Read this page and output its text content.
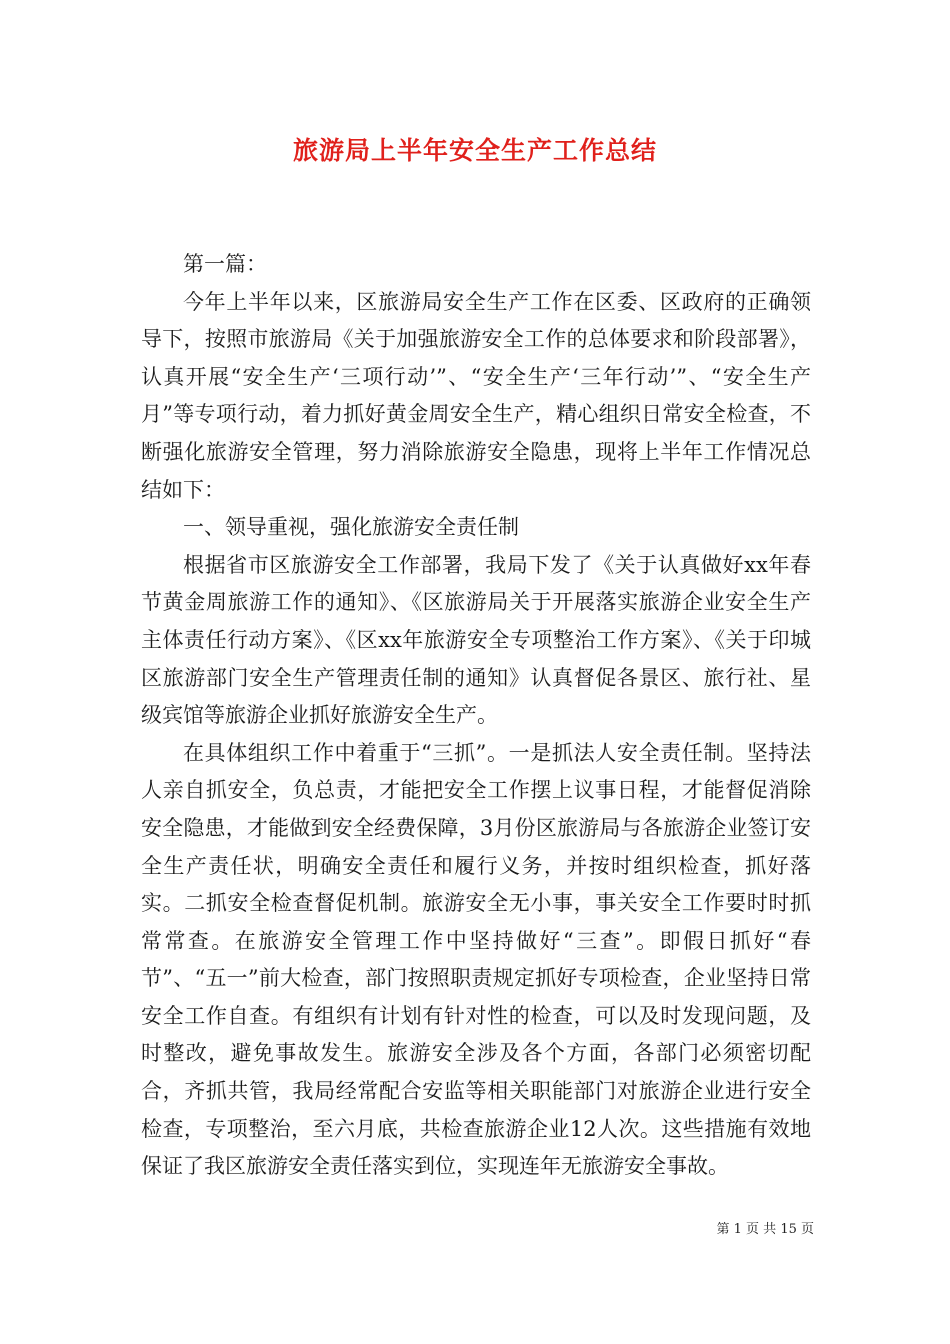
旅游局上半年安全生产工作总结

第一篇：

今年上半年以来，区旅游局安全生产工作在区委、区政府的正确领导下，按照市旅游局《关于加强旅游安全工作的总体要求和阶段部署》，认真开展“安全生产‘三项行动’”、“安全生产‘三年行动’”、“安全生产月”等专项行动，着力抓好黄金周安全生产，精心组织日常安全检查，不断强化旅游安全管理，努力消除旅游安全隐患，现将上半年工作情况总结如下：

一、领导重视，强化旅游安全责任制

根据省市区旅游安全工作部署，我局下发了《关于认真做好xx年春节黄金周旅游工作的通知》、《区旅游局关于开展落实旅游企业安全生产主体责任行动方案》、《区xx年旅游安全专项整治工作方案》、《关于印城区旅游部门安全生产管理责任制的通知》认真督促各景区、旅行社、星级宾馆等旅游企业抓好旅游安全生产。

在具体组织工作中着重于“三抓”。一是抓法人安全责任制。坚持法人亲自抓安全，负总责，才能把安全工作摆上议事日程，才能督促消除安全隐患，才能做到安全经费保障，3月份区旅游局与各旅游企业签订安全生产责任状，明确安全责任和履行义务，并按时组织检查，抓好落实。二抓安全检查督促机制。旅游安全无小事，事关安全工作要时时抓常常查。在旅游安全管理工作中坚持做好“三查”。即假日抓好“春节”、“五一”前大检查，部门按照职责规定抓好专项检查，企业坚持日常安全工作自查。有组织有计划有针对性的检查，可以及时发现问题，及时整改，避免事故发生。旅游安全涉及各个方面，各部门必须密切配合，齐抓共管，我局经常配合安监等相关职能部门对旅游企业进行安全检查，专项整治，至六月底，共检查旅游企业12人次。这些措施有效地保证了我区旅游安全责任落实到位，实现连年无旅游安全事故。

第 1 页 共 15 页
